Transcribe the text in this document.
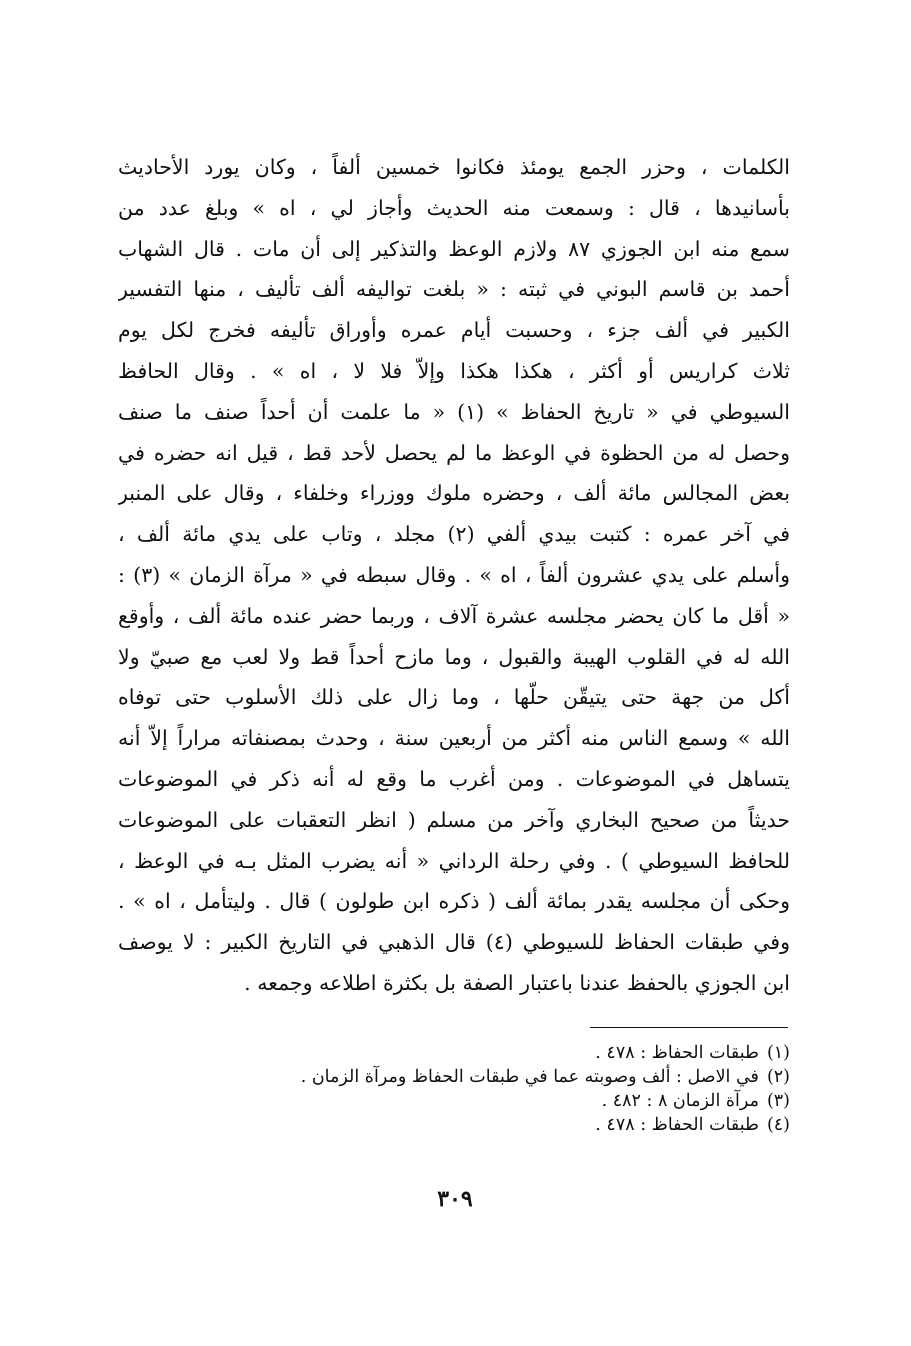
الكلمات ، وحزر الجمع يومئذ فكانوا خمسين ألفاً ، وكان يورد الأحاديث
بأسانيدها ، قال : وسمعت منه الحديث وأجاز لي ، اه » وبلغ عدد من
سمع منه ابن الجوزي ٨٧ ولازم الوعظ والتذكير إلى أن مات . قال الشهاب
أحمد بن قاسم البوني في ثبته : « بلغت تواليفه ألف تأليف ، منها التفسير
الكبير في ألف جزء ، وحسبت أيام عمره وأوراق تأليفه فخرج لكل يوم
ثلاث كراريس أو أكثر ، هكذا هكذا وإلاّ فلا لا ، اه » . وقال الحافظ
السيوطي في « تاريخ الحفاظ » (١) « ما علمت أن أحداً صنف ما صنف
وحصل له من الحظوة في الوعظ ما لم يحصل لأحد قط ، قيل انه حضره في
بعض المجالس مائة ألف ، وحضره ملوك ووزراء وخلفاء ، وقال على المنبر
في آخر عمره : كتبت بيدي ألفي (٢) مجلد ، وتاب على يدي مائة ألف ،
وأسلم على يدي عشرون ألفاً ، اه » . وقال سبطه في « مرآة الزمان » (٣) :
« أقل ما كان يحضر مجلسه عشرة آلاف ، وربما حضر عنده مائة ألف ، وأوقع
الله له في القلوب الهيبة والقبول ، وما مازح أحداً قط ولا لعب مع صبيّ ولا
أكل من جهة حتى يتيقّن حلّها ، وما زال على ذلك الأسلوب حتى توفاه
الله » وسمع الناس منه أكثر من أربعين سنة ، وحدث بمصنفاته مراراً إلاّ أنه
يتساهل في الموضوعات . ومن أغرب ما وقع له أنه ذكر في الموضوعات
حديثاً من صحيح البخاري وآخر من مسلم ( انظر التعقبات على الموضوعات
للحافظ السيوطي ) . وفي رحلة الرداني « أنه يضرب المثل بـه في الوعظ ،
وحكى أن مجلسه يقدر بمائة ألف ( ذكره ابن طولون ) قال . وليتأمل ، اه » .
وفي طبقات الحفاظ للسيوطي (٤) قال الذهبي في التاريخ الكبير : لا يوصف
ابن الجوزي بالحفظ عندنا باعتبار الصفة بل بكثرة اطلاعه وجمعه .
(١)طبقات الحفاظ : ٤٧٨ .
(٢)في الاصل : ألف وصوبته عما في طبقات الحفاظ ومرآة الزمان .
(٣)مرآة الزمان ٨ : ٤٨٢ .
(٤)طبقات الحفاظ : ٤٧٨ .
٣٠٩
